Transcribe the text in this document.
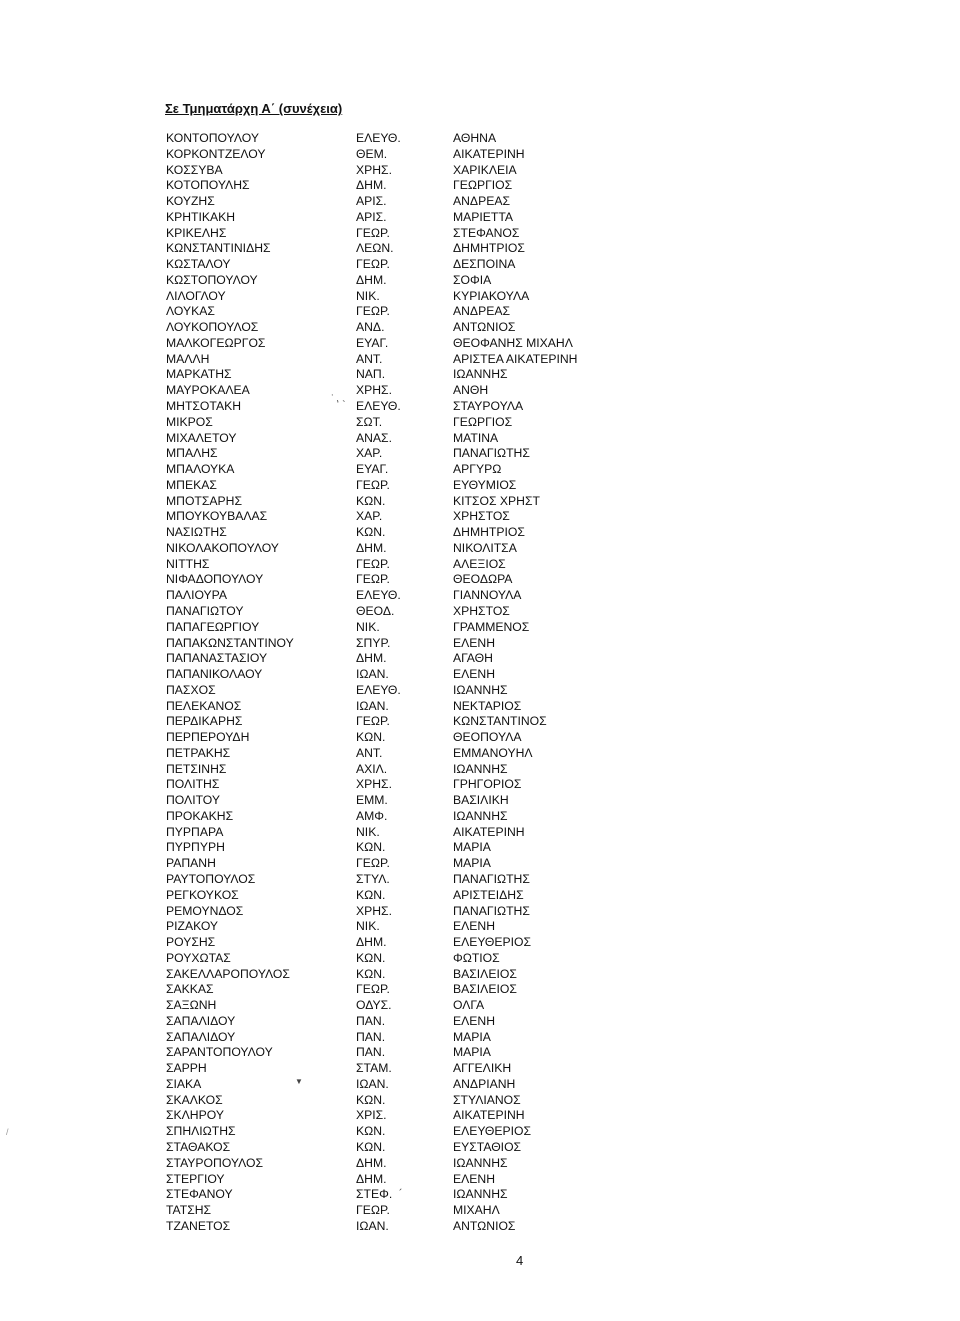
Σε Τμηματάρχη Α΄ (συνέχεια)
ΚΟΝΤΟΠΟΥΛΟΥ	ΕΛΕΥΘ.	ΑΘΗΝΑ
ΚΟΡΚΟΝΤΖΕΛΟΥ	ΘΕΜ.	ΑΙΚΑΤΕΡΙΝΗ
ΚΟΣΣΥΒΑ	ΧΡΗΣ.	ΧΑΡΙΚΛΕΙΑ
ΚΟΤΟΠΟΥΛΗΣ	ΔΗΜ.	ΓΕΩΡΓΙΟΣ
ΚΟΥΖΗΣ	ΑΡΙΣ.	ΑΝΔΡΕΑΣ
ΚΡΗΤΙΚΑΚΗ	ΑΡΙΣ.	ΜΑΡΙΕΤΤΑ
ΚΡΙΚΕΛΗΣ	ΓΕΩΡ.	ΣΤΕΦΑΝΟΣ
ΚΩΝΣΤΑΝΤΙΝΙΔΗΣ	ΛΕΩΝ.	ΔΗΜΗΤΡΙΟΣ
ΚΩΣΤΑΛΟΥ	ΓΕΩΡ.	ΔΕΣΠΟΙΝΑ
ΚΩΣΤΟΠΟΥΛΟΥ	ΔΗΜ.	ΣΟΦΙΑ
ΛΙΛΟΓΛΟΥ	ΝΙΚ.	ΚΥΡΙΑΚΟΥΛΑ
ΛΟΥΚΑΣ	ΓΕΩΡ.	ΑΝΔΡΕΑΣ
ΛΟΥΚΟΠΟΥΛΟΣ	ΑΝΔ.	ΑΝΤΩΝΙΟΣ
ΜΑΛΚΟΓΕΩΡΓΟΣ	ΕΥΑΓ.	ΘΕΟΦΑΝΗΣ ΜΙΧΑΗΛ
ΜΑΛΛΗ	ΑΝΤ.	ΑΡΙΣΤΕΑ ΑΙΚΑΤΕΡΙΝΗ
ΜΑΡΚΑΤΗΣ	ΝΑΠ.	ΙΩΑΝΝΗΣ
ΜΑΥΡΟΚΑΛΕΑ	ΧΡΗΣ.	ΑΝΘΗ
ΜΗΤΣΟΤΑΚΗ	ΕΛΕΥΘ.	ΣΤΑΥΡΟΥΛΑ
ΜΙΚΡΟΣ	ΣΩΤ.	ΓΕΩΡΓΙΟΣ
ΜΙΧΑΛΕΤΟΥ	ΑΝΑΣ.	ΜΑΤΙΝΑ
ΜΠΑΛΗΣ	ΧΑΡ.	ΠΑΝΑΓΙΩΤΗΣ
ΜΠΑΛΟΥΚΑ	ΕΥΑΓ.	ΑΡΓΥΡΩ
ΜΠΕΚΑΣ	ΓΕΩΡ.	ΕΥΘΥΜΙΟΣ
ΜΠΟΤΣΑΡΗΣ	ΚΩΝ.	ΚΙΤΣΟΣ ΧΡΗΣΤ
ΜΠΟΥΚΟΥΒΑΛΑΣ	ΧΑΡ.	ΧΡΗΣΤΟΣ
ΝΑΣΙΩΤΗΣ	ΚΩΝ.	ΔΗΜΗΤΡΙΟΣ
ΝΙΚΟΛΑΚΟΠΟΥΛΟΥ	ΔΗΜ.	ΝΙΚΟΛΙΤΣΑ
ΝΙΤΤΗΣ	ΓΕΩΡ.	ΑΛΕΞΙΟΣ
ΝΙΦΑΔΟΠΟΥΛΟΥ	ΓΕΩΡ.	ΘΕΟΔΩΡΑ
ΠΑΛΙΟΥΡΑ	ΕΛΕΥΘ.	ΓΙΑΝΝΟΥΛΑ
ΠΑΝΑΓΙΩΤΟΥ	ΘΕΟΔ.	ΧΡΗΣΤΟΣ
ΠΑΠΑΓΕΩΡΓΙΟΥ	ΝΙΚ.	ΓΡΑΜΜΕΝΟΣ
ΠΑΠΑΚΩΝΣΤΑΝΤΙΝΟΥ	ΣΠΥΡ.	ΕΛΕΝΗ
ΠΑΠΑΝΑΣΤΑΣΙΟΥ	ΔΗΜ.	ΑΓΑΘΗ
ΠΑΠΑΝΙΚΟΛΑΟΥ	ΙΩΑΝ.	ΕΛΕΝΗ
ΠΑΣΧΟΣ	ΕΛΕΥΘ.	ΙΩΑΝΝΗΣ
ΠΕΛΕΚΑΝΟΣ	ΙΩΑΝ.	ΝΕΚΤΑΡΙΟΣ
ΠΕΡΔΙΚΑΡΗΣ	ΓΕΩΡ.	ΚΩΝΣΤΑΝΤΙΝΟΣ
ΠΕΡΠΕΡΟΥΔΗ	ΚΩΝ.	ΘΕΟΠΟΥΛΑ
ΠΕΤΡΑΚΗΣ	ΑΝΤ.	ΕΜΜΑΝΟΥΗΛ
ΠΕΤΣΙΝΗΣ	ΑΧΙΛ.	ΙΩΑΝΝΗΣ
ΠΟΛΙΤΗΣ	ΧΡΗΣ.	ΓΡΗΓΟΡΙΟΣ
ΠΟΛΙΤΟΥ	ΕΜΜ.	ΒΑΣΙΛΙΚΗ
ΠΡΟΚΑΚΗΣ	ΑΜΦ.	ΙΩΑΝΝΗΣ
ΠΥΡΠΑΡΑ	ΝΙΚ.	ΑΙΚΑΤΕΡΙΝΗ
ΠΥΡΠΥΡΗ	ΚΩΝ.	ΜΑΡΙΑ
ΡΑΠΑΝΗ	ΓΕΩΡ.	ΜΑΡΙΑ
ΡΑΥΤΟΠΟΥΛΟΣ	ΣΤΥΛ.	ΠΑΝΑΓΙΩΤΗΣ
ΡΕΓΚΟΥΚΟΣ	ΚΩΝ.	ΑΡΙΣΤΕΙΔΗΣ
ΡΕΜΟΥΝΔΟΣ	ΧΡΗΣ.	ΠΑΝΑΓΙΩΤΗΣ
ΡΙΖΑΚΟΥ	ΝΙΚ.	ΕΛΕΝΗ
ΡΟΥΣΗΣ	ΔΗΜ.	ΕΛΕΥΘΕΡΙΟΣ
ΡΟΥΧΩΤΑΣ	ΚΩΝ.	ΦΩΤΙΟΣ
ΣΑΚΕΛΛΑΡΟΠΟΥΛΟΣ	ΚΩΝ.	ΒΑΣΙΛΕΙΟΣ
ΣΑΚΚΑΣ	ΓΕΩΡ.	ΒΑΣΙΛΕΙΟΣ
ΣΑΞΩΝΗ	ΟΔΥΣ.	ΟΛΓΑ
ΣΑΠΑΛΙΔΟΥ	ΠΑΝ.	ΕΛΕΝΗ
ΣΑΠΑΛΙΔΟΥ	ΠΑΝ.	ΜΑΡΙΑ
ΣΑΡΑΝΤΟΠΟΥΛΟΥ	ΠΑΝ.	ΜΑΡΙΑ
ΣΑΡΡΗ	ΣΤΑΜ.	ΑΓΓΕΛΙΚΗ
ΣΙΑΚΑ	ΙΩΑΝ.	ΑΝΔΡΙΑΝΗ
ΣΚΑΛΚΟΣ	ΚΩΝ.	ΣΤΥΛΙΑΝΟΣ
ΣΚΛΗΡΟΥ	ΧΡΙΣ.	ΑΙΚΑΤΕΡΙΝΗ
ΣΠΗΛΙΩΤΗΣ	ΚΩΝ.	ΕΛΕΥΘΕΡΙΟΣ
ΣΤΑΘΑΚΟΣ	ΚΩΝ.	ΕΥΣΤΑΘΙΟΣ
ΣΤΑΥΡΟΠΟΥΛΟΣ	ΔΗΜ.	ΙΩΑΝΝΗΣ
ΣΤΕΡΓΙΟΥ	ΔΗΜ.	ΕΛΕΝΗ
ΣΤΕΦΑΝΟΥ	ΣΤΕΦ.	ΙΩΑΝΝΗΣ
ΤΑΤΣΗΣ	ΓΕΩΡ.	ΜΙΧΑΗΛ
ΤΖΑΝΕΤΟΣ	ΙΩΑΝ.	ΑΝΤΩΝΙΟΣ
4
˙‚ ˎ
▼
´
/
